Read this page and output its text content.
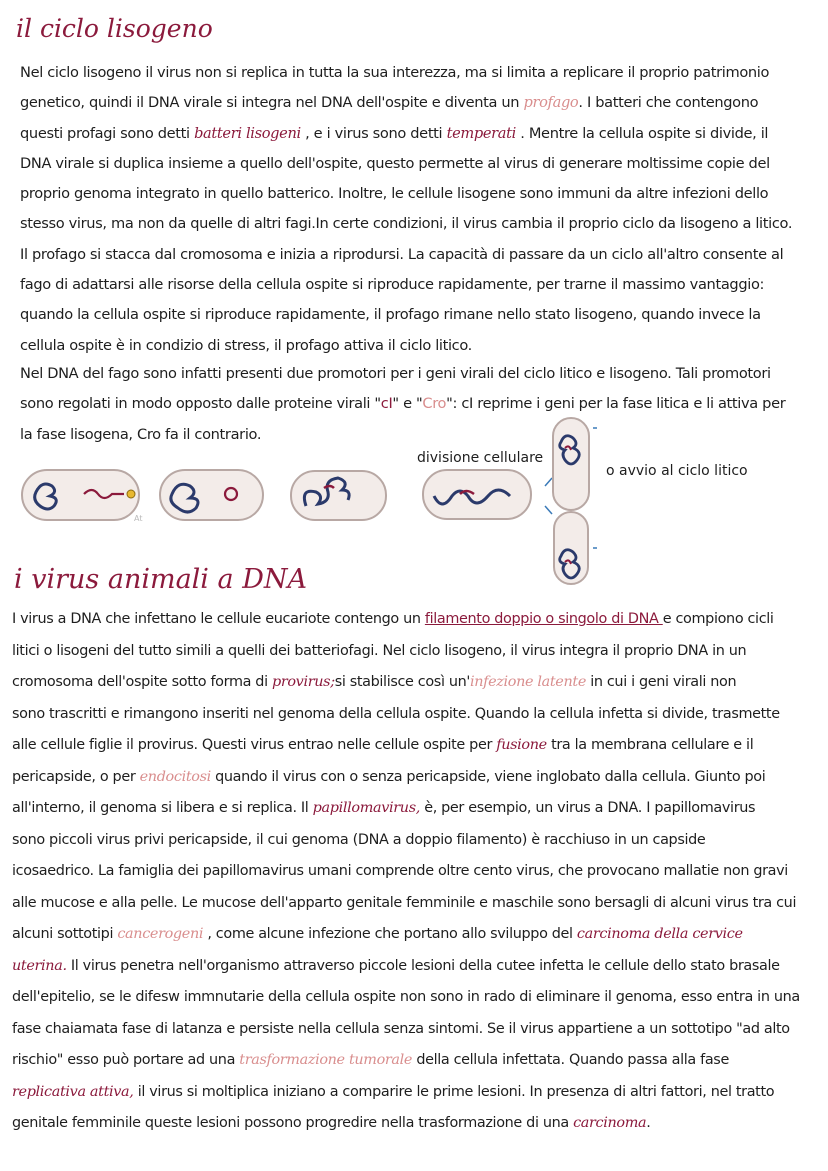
il ciclo lisogeno
Nel ciclo lisogeno il virus non si replica in tutta la sua interezza, ma si limita a replicare il proprio patrimonio
genetico, quindi il DNA virale si integra nel DNA dell'ospite e diventa un profago. I batteri che contengono
questi profagi sono detti batteri lisogeni , e i virus sono detti temperati . Mentre la cellula ospite si divide, il
DNA virale si duplica insieme a quello dell'ospite, questo permette al virus di generare moltissime copie del
proprio genoma integrato in quello batterico. Inoltre, le cellule lisogene sono immuni da altre infezioni dello
stesso virus, ma non da quelle di altri fagi.In certe condizioni, il virus cambia il proprio ciclo da lisogeno a litico.
Il profago si stacca dal cromosoma e inizia a riprodursi. La capacità di passare da un ciclo all'altro consente al
fago di adattarsi alle risorse della cellula ospite si riproduce rapidamente, per trarne il massimo vantaggio:
quando la cellula ospite si riproduce rapidamente, il profago rimane nello stato lisogeno, quando invece la
cellula ospite è in condizio di stress, il profago attiva il ciclo litico.
Nel DNA del fago sono infatti presenti due promotori per i geni virali del ciclo litico e lisogeno. Tali promotori
sono regolati in modo opposto dalle proteine virali "cI" e "Cro": cI reprime i geni per la fase litica e li attiva per
la fase lisogena, Cro fa il contrario.
divisione cellulare
o avvio al ciclo litico
At
i virus animali a DNA
I virus a DNA che infettano le cellule eucariote contengo un filamento doppio o singolo di DNA e compiono cicli
litici o lisogeni del tutto simili a quelli dei batteriofagi. Nel ciclo lisogeno, il virus integra il proprio DNA in un
cromosoma dell'ospite sotto forma di provirus;si stabilisce così un'infezione latente in cui i geni virali non
sono trascritti e rimangono inseriti nel genoma della cellula ospite. Quando la cellula infetta si divide, trasmette
alle cellule figlie il provirus. Questi virus entrao nelle cellule ospite per fusione tra la membrana cellulare e il
pericapside, o per endocitosi quando il virus con o senza pericapside, viene inglobato dalla cellula. Giunto poi
all'interno, il genoma si libera e si replica. Il papillomavirus, è, per esempio, un virus a DNA. I papillomavirus
sono piccoli virus privi pericapside, il cui genoma (DNA a doppio filamento) è racchiuso in un capside
icosaedrico. La famiglia dei papillomavirus umani comprende oltre cento virus, che provocano mallatie non gravi
alle mucose e alla pelle. Le mucose dell'apparto genitale femminile e maschile sono bersagli di alcuni virus tra cui
alcuni sottotipi cancerogeni , come alcune infezione che portano allo sviluppo del carcinoma della cervice
uterina. Il virus penetra nell'organismo attraverso piccole lesioni della cutee infetta le cellule dello stato brasale
dell'epitelio, se le difesw immnutarie della cellula ospite non sono in rado di eliminare il genoma, esso entra in una
fase chaiamata fase di latanza e persiste nella cellula senza sintomi. Se il virus appartiene a un sottotipo "ad alto
rischio" esso può portare ad una trasformazione tumorale della cellula infettata. Quando passa alla fase
replicativa attiva, il virus si moltiplica iniziano a comparire le prime lesioni. In presenza di altri fattori, nel tratto
genitale femminile queste lesioni possono progredire nella trasformazione di una carcinoma.
